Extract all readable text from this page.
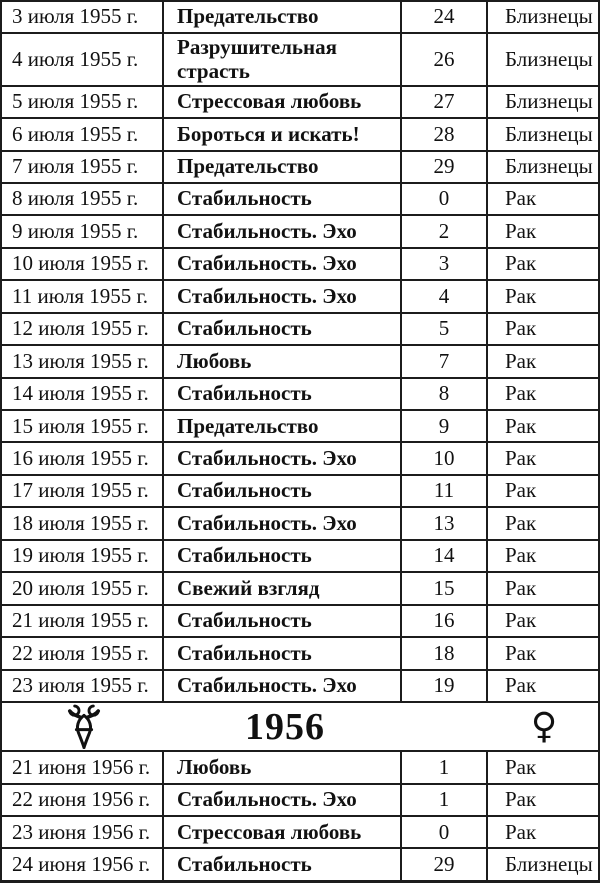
3 июля 1955 г.	Предательство	24	Близнецы
4 июля 1955 г.	Разрушительная страсть	26	Близнецы
5 июля 1955 г.	Стрессовая любовь	27	Близнецы
6 июля 1955 г.	Бороться и искать!	28	Близнецы
7 июля 1955 г.	Предательство	29	Близнецы
8 июля 1955 г.	Стабильность	0	Рак
9 июля 1955 г.	Стабильность. Эхо	2	Рак
10 июля 1955 г.	Стабильность. Эхо	3	Рак
11 июля 1955 г.	Стабильность. Эхо	4	Рак
12 июля 1955 г.	Стабильность	5	Рак
13 июля 1955 г.	Любовь	7	Рак
14 июля 1955 г.	Стабильность	8	Рак
15 июля 1955 г.	Предательство	9	Рак
16 июля 1955 г.	Стабильность. Эхо	10	Рак
17 июля 1955 г.	Стабильность	11	Рак
18 июля 1955 г.	Стабильность. Эхо	13	Рак
19 июля 1955 г.	Стабильность	14	Рак
20 июля 1955 г.	Свежий взгляд	15	Рак
21 июля 1955 г.	Стабильность	16	Рак
22 июля 1955 г.	Стабильность	18	Рак
23 июля 1955 г.	Стабильность. Эхо	19	Рак
1956	♀
21 июня 1956 г.	Любовь	1	Рак
22 июня 1956 г.	Стабильность. Эхо	1	Рак
23 июня 1956 г.	Стрессовая любовь	0	Рак
24 июня 1956 г.	Стабильность	29	Близнецы
